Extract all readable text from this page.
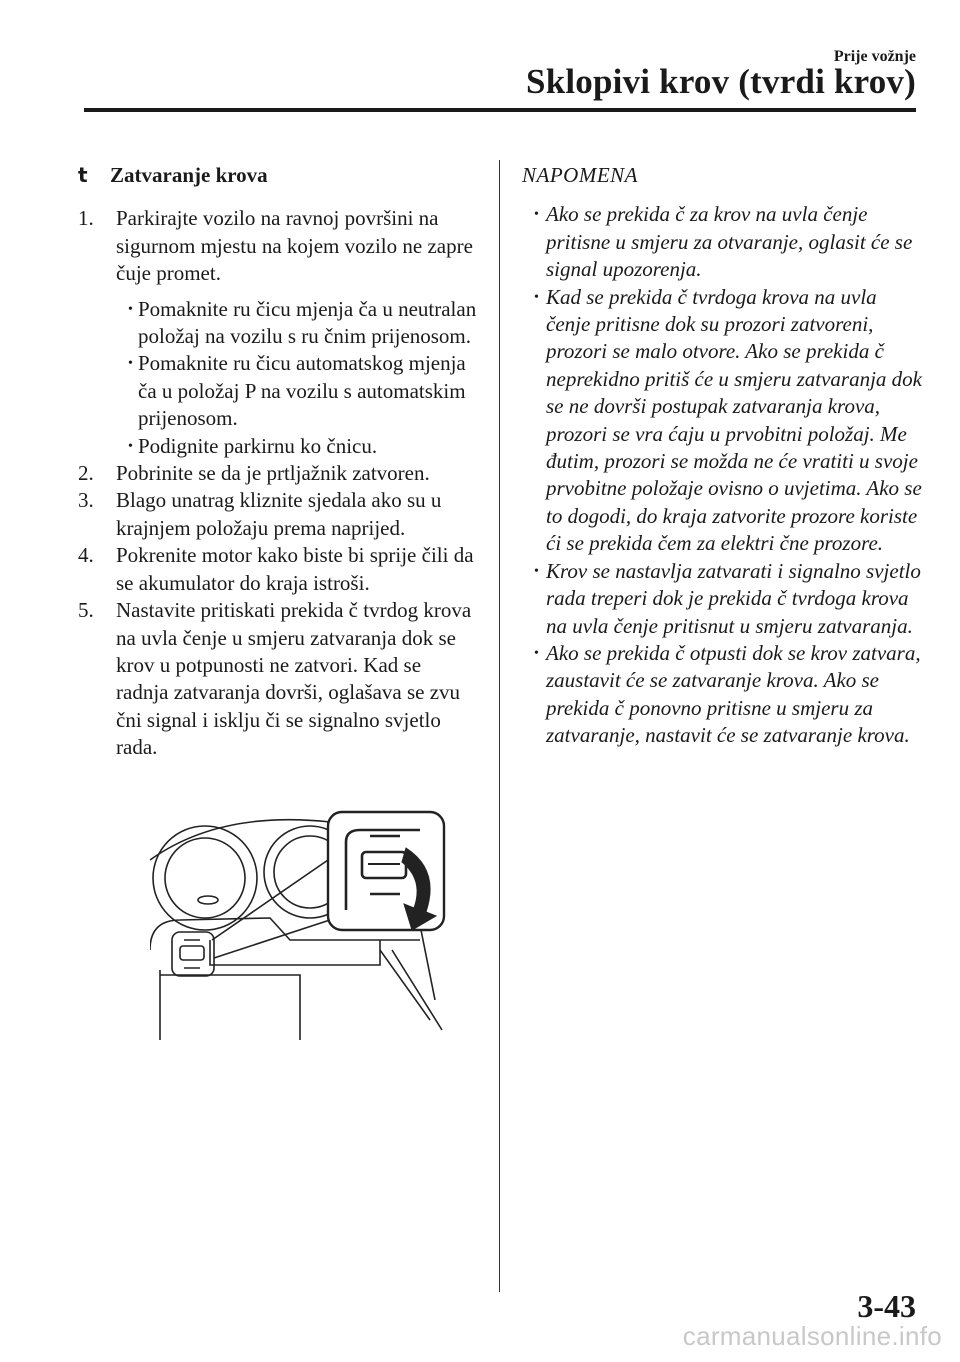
Prije vožnje
Sklopivi krov (tvrdi krov)
t	Zatvaranje krova
1.	Parkirajte vozilo na ravnoj površini na sigurnom mjestu na kojem vozilo ne zapre čuje promet.
• Pomaknite ru čicu mjenja ča u neutralan položaj na vozilu s ru čnim prijenosom.
• Pomaknite ru čicu automatskog mjenja ča u položaj P na vozilu s automatskim prijenosom.
• Podignite parkirnu ko čnicu.
2.	Pobrinite se da je prtljažnik zatvoren.
3.	Blago unatrag kliznite sjedala ako su u krajnjem položaju prema naprijed.
4.	Pokrenite motor kako biste bi sprije čili da se akumulator do kraja istroši.
5.	Nastavite pritiskati prekida č tvrdog krova na uvla čenje u smjeru zatvaranja dok se krov u potpunosti ne zatvori. Kad se radnja zatvaranja dovrši, oglašava se zvu čni signal i isklju či se signalno svjetlo rada.
NAPOMENA
• Ako se prekida č za krov na uvla čenje pritisne u smjeru za otvaranje, oglasit će se signal upozorenja.
• Kad se prekida č tvrdoga krova na uvla čenje pritisne dok su prozori zatvoreni, prozori se malo otvore. Ako se prekida č neprekidno pritiš će u smjeru zatvaranja dok se ne dovrši postupak zatvaranja krova, prozori se vra ćaju u prvobitni položaj. Me đutim, prozori se možda ne će vratiti u svoje prvobitne položaje ovisno o uvjetima. Ako se to dogodi, do kraja zatvorite prozore koriste ći se prekida čem za elektri čne prozore.
• Krov se nastavlja zatvarati i signalno svjetlo rada treperi dok je prekida č tvrdoga krova na uvla čenje pritisnut u smjeru zatvaranja.
• Ako se prekida č otpusti dok se krov zatvara, zaustavit će se zatvaranje krova. Ako se prekida č ponovno pritisne u smjeru za zatvaranje, nastavit će se zatvaranje krova.
3-43
carmanualsonline.info
